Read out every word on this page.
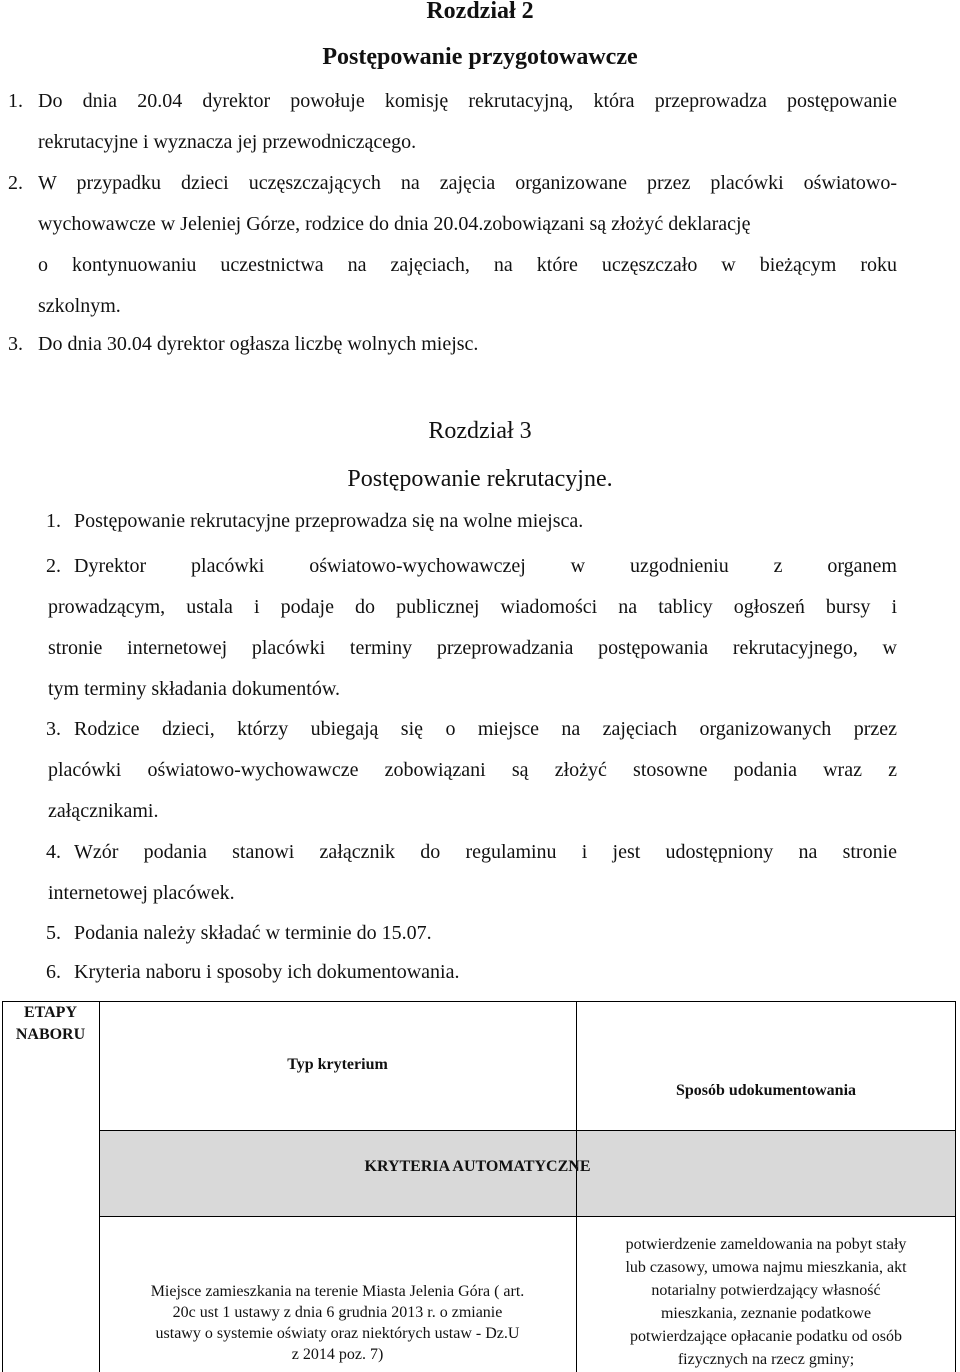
Rozdział 2
Postępowanie przygotowawcze
1. Do dnia 20.04 dyrektor powołuje komisję rekrutacyjną, która przeprowadza postępowanie
rekrutacyjne i wyznacza jej przewodniczącego.
2. W przypadku dzieci uczęszczających na zajęcia organizowane przez placówki oświatowo-
wychowawcze w Jeleniej Górze, rodzice do dnia 20.04.zobowiązani są złożyć deklarację
o kontynuowaniu uczestnictwa na zajęciach, na które uczęszczało w bieżącym roku
szkolnym.
3. Do dnia 30.04 dyrektor ogłasza liczbę wolnych miejsc.
Rozdział 3
Postępowanie rekrutacyjne.
1. Postępowanie rekrutacyjne przeprowadza się na wolne miejsca.
2. Dyrektor placówki oświatowo-wychowawczej w uzgodnieniu z organem
prowadzącym, ustala i podaje do publicznej wiadomości na tablicy ogłoszeń bursy i
stronie internetowej placówki terminy przeprowadzania postępowania rekrutacyjnego, w
tym terminy składania dokumentów.
3. Rodzice dzieci, którzy ubiegają się o miejsce na zajęciach organizowanych przez
placówki oświatowo-wychowawcze zobowiązani są złożyć stosowne podania wraz z
załącznikami.
4. Wzór podania stanowi załącznik do regulaminu i jest udostępniony na stronie
internetowej placówek.
5. Podania należy składać w terminie do 15.07.
6. Kryteria naboru i sposoby ich dokumentowania.
ETAPY
NABORU
Typ kryterium
Sposób udokumentowania
KRYTERIA AUTOMATYCZNE
Miejsce zamieszkania na terenie Miasta Jelenia Góra ( art.
20c ust 1 ustawy z dnia 6 grudnia 2013 r. o zmianie
ustawy o systemie oświaty oraz niektórych ustaw - Dz.U
z 2014 poz. 7)
potwierdzenie zameldowania na pobyt stały
lub czasowy, umowa najmu mieszkania, akt
notarialny potwierdzający własność
mieszkania, zeznanie podatkowe
potwierdzające opłacanie podatku od osób
fizycznych na rzecz gminy;
